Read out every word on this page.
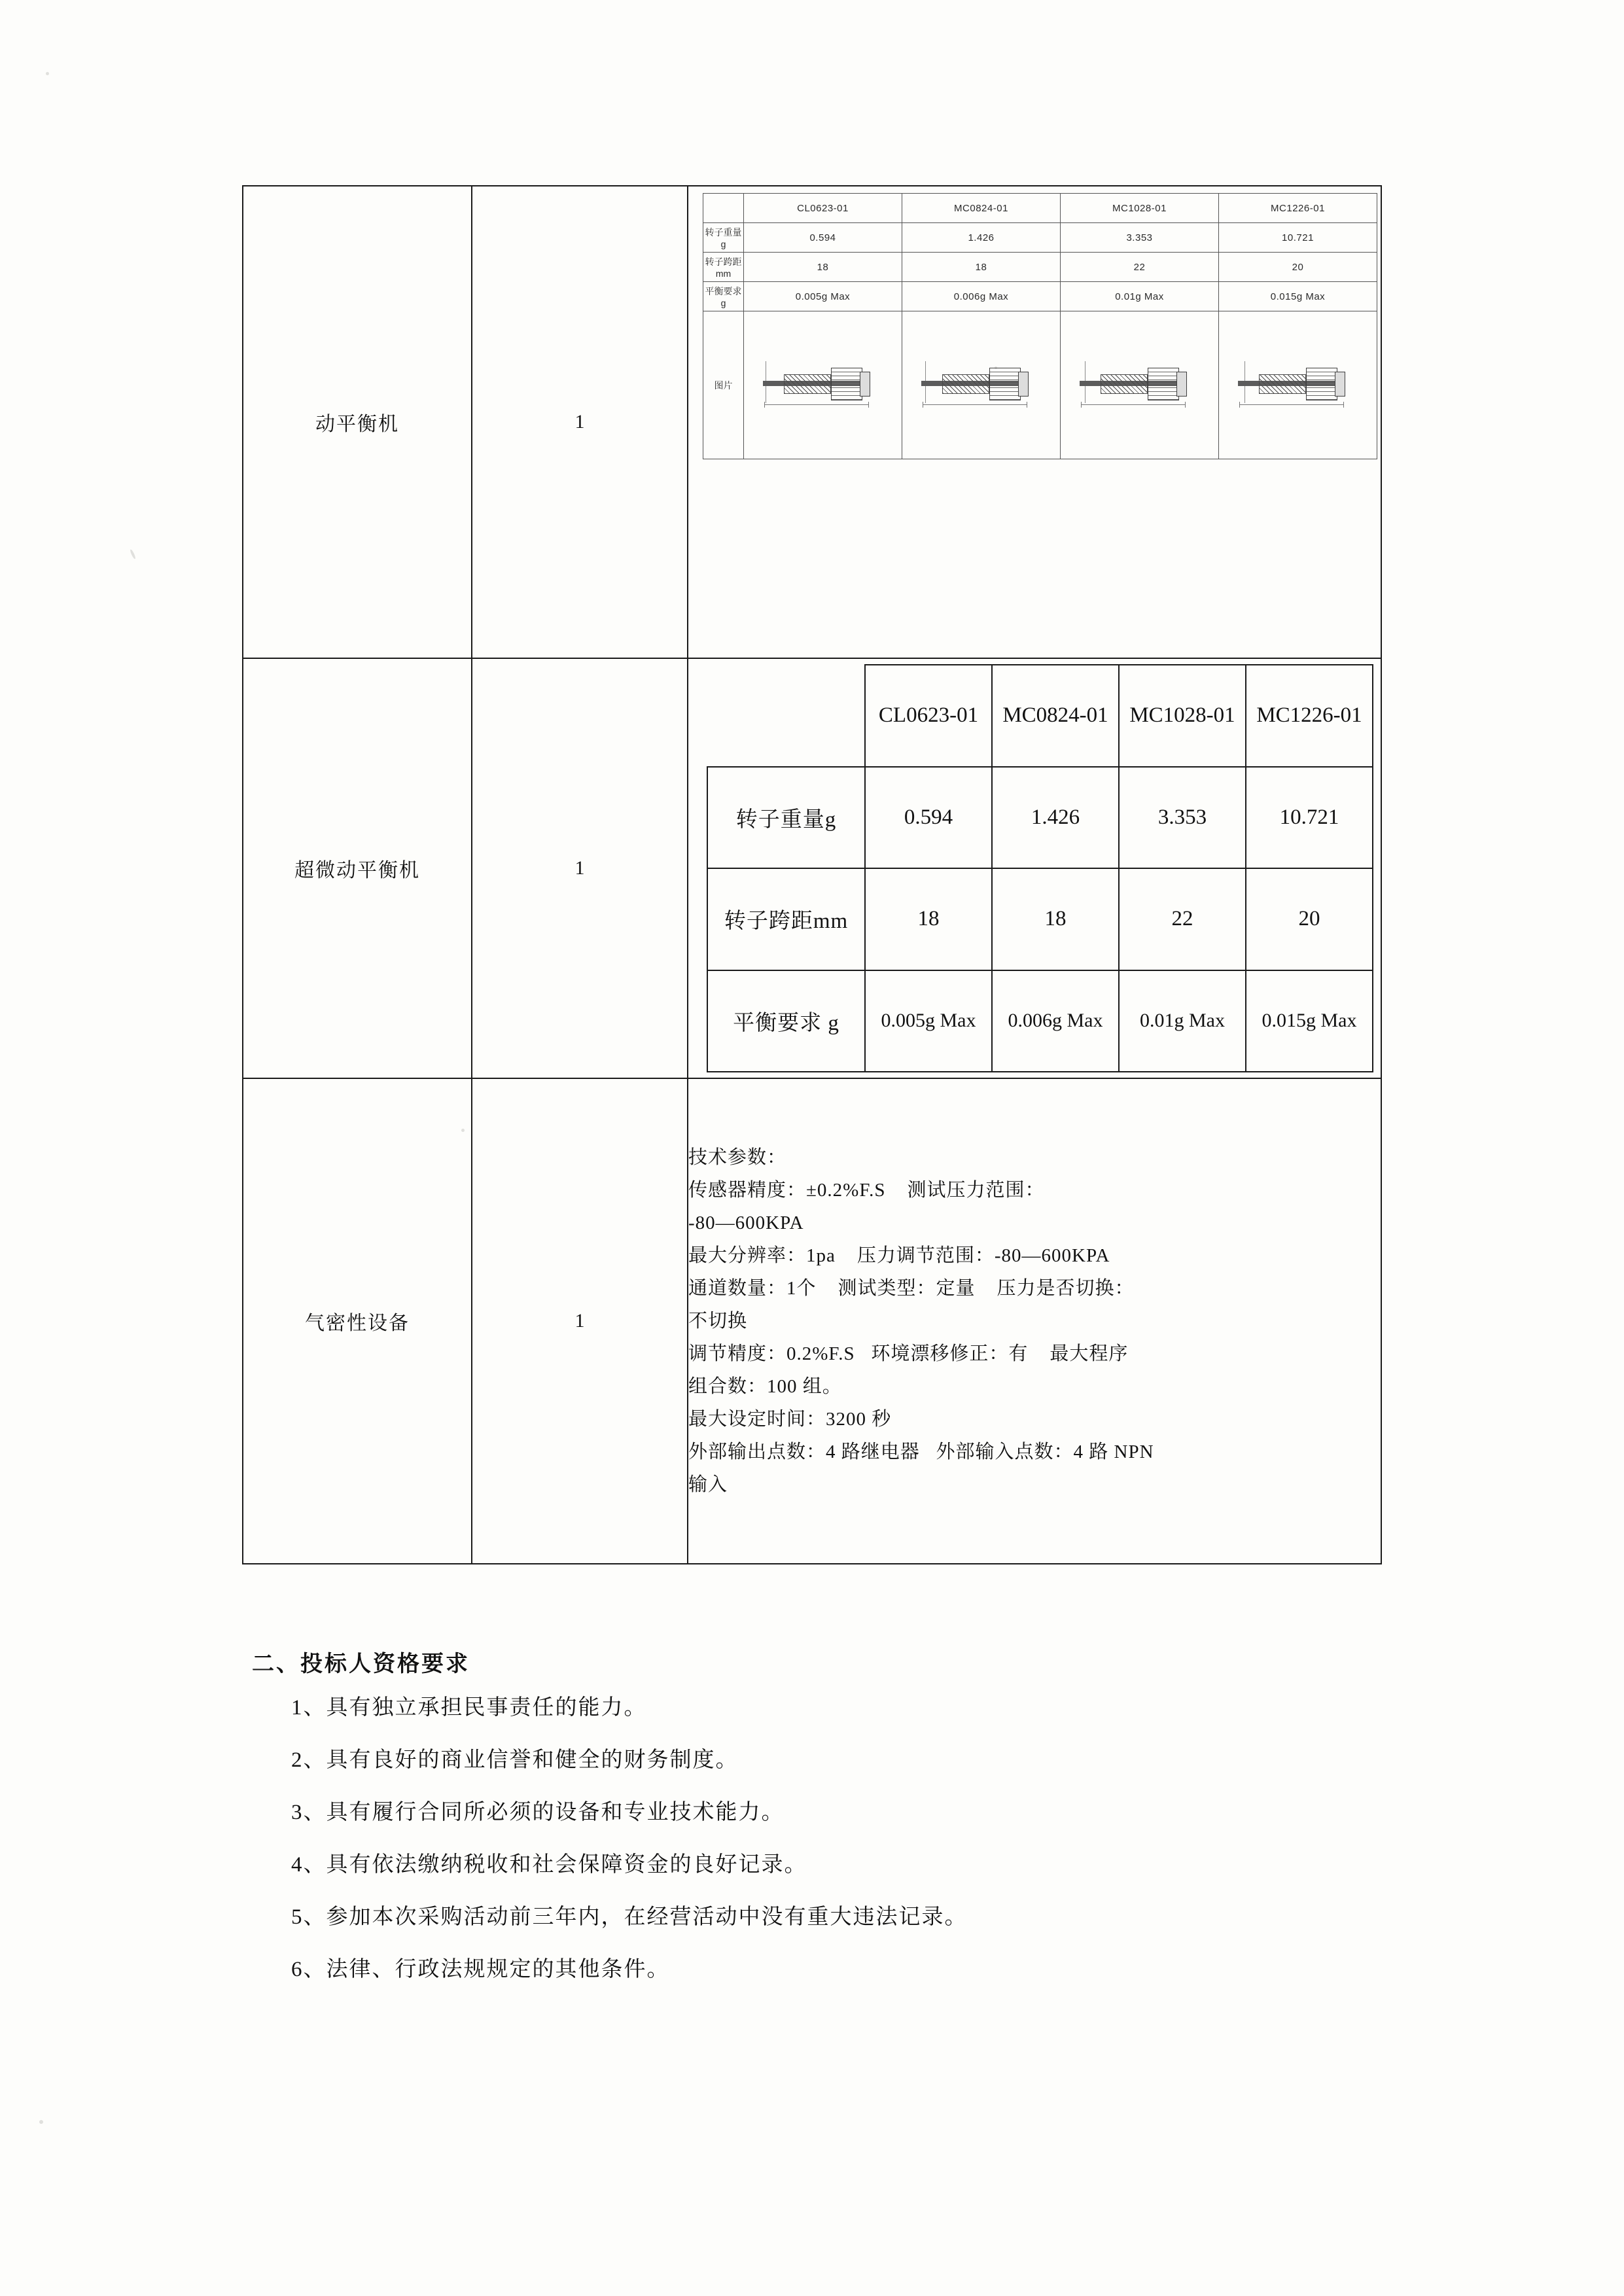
动平衡机	1	
	CL0623-01	MC0824-01	MC1028-01	MC1226-01
转子重量g	0.594	1.426	3.353	10.721
转子跨距mm	18	18	22	20
平衡要求g	0.005g Max	0.006g Max	0.01g Max	0.015g Max
图片	

超微动平衡机	1	
	CL0623-01	MC0824-01	MC1028-01	MC1226-01
转子重量g	0.594	1.426	3.353	10.721
转子跨距mm	18	18	22	20
平衡要求 g	0.005g Max	0.006g Max	0.01g Max	0.015g Max

气密性设备	1	
技术参数：
传感器精度：±0.2%F.S    测试压力范围：
-80—600KPA
最大分辨率：1pa    压力调节范围：-80—600KPA
通道数量：1个    测试类型：定量    压力是否切换：
不切换
调节精度：0.2%F.S   环境漂移修正：有    最大程序
组合数：100 组。
最大设定时间：3200 秒
外部输出点数：4 路继电器   外部输入点数：4 路 NPN
输入
二、投标人资格要求
1、具有独立承担民事责任的能力。
2、具有良好的商业信誉和健全的财务制度。
3、具有履行合同所必须的设备和专业技术能力。
4、具有依法缴纳税收和社会保障资金的良好记录。
5、参加本次采购活动前三年内，在经营活动中没有重大违法记录。
6、法律、行政法规规定的其他条件。
